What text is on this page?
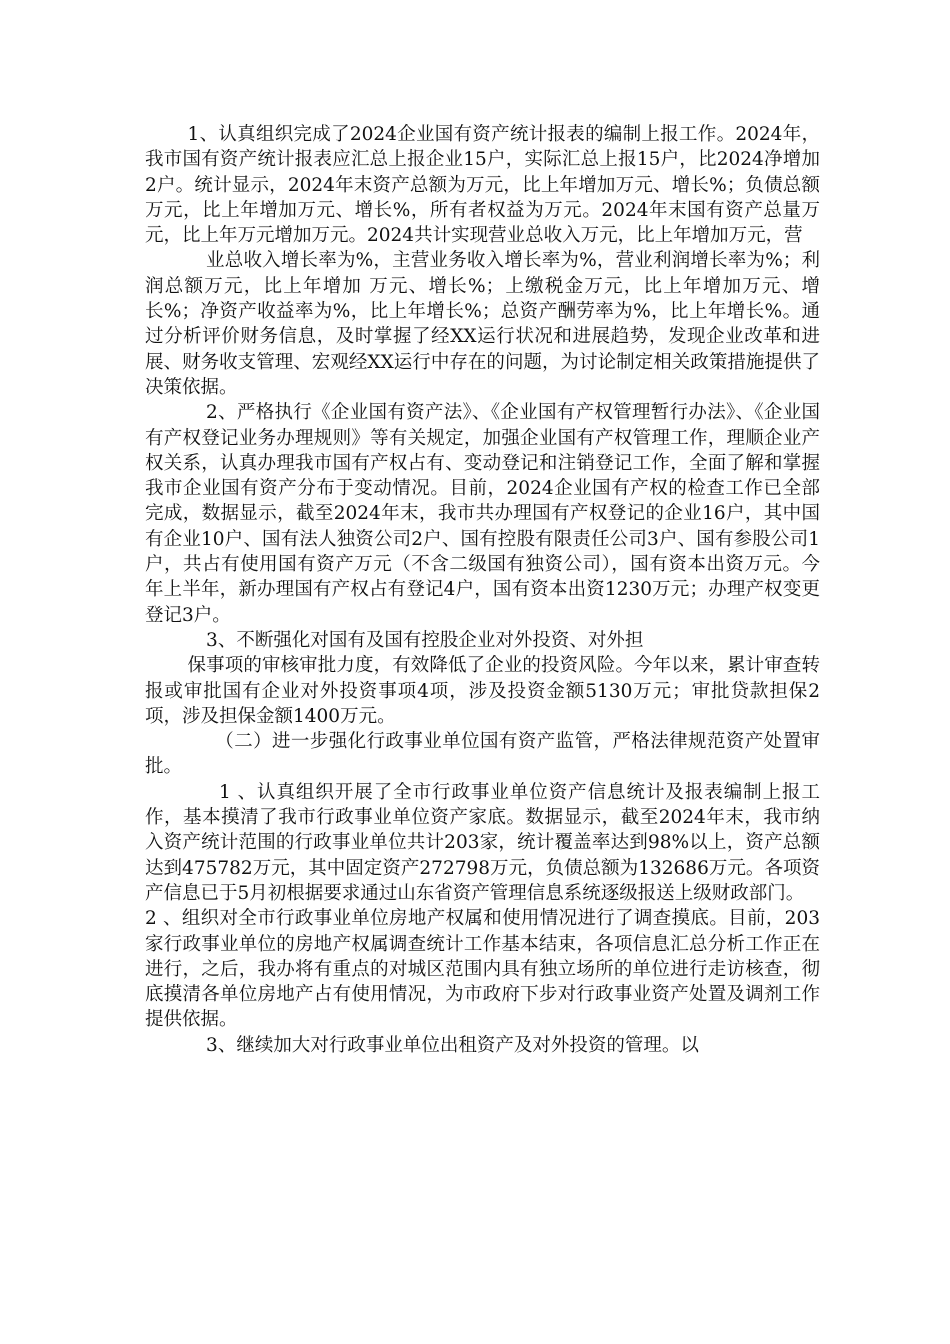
1、认真组织完成了2024企业国有资产统计报表的编制上报工作。2024年，我市国有资产统计报表应汇总上报企业15户，实际汇总上报15户，比2024净增加2户。统计显示，2024年末资产总额为万元，比上年增加万元、增长%；负债总额万元，比上年增加万元、增长%，所有者权益为万元。2024年末国有资产总量万元，比上年万元增加万元。2024共计实现营业总收入万元，比上年增加万元，营

业总收入增长率为%，主营业务收入增长率为%，营业利润增长率为%；利润总额万元，比上年增加 万元、增长%；上缴税金万元，比上年增加万元、增长%；净资产收益率为%，比上年增长%；总资产酬劳率为%，比上年增长%。通过分析评价财务信息，及时掌握了经XX运行状况和进展趋势，发现企业改革和进展、财务收支管理、宏观经XX运行中存在的问题，为讨论制定相关政策措施提供了决策依据。

2、严格执行《企业国有资产法》、《企业国有产权管理暂行办法》、《企业国有产权登记业务办理规则》等有关规定，加强企业国有产权管理工作，理顺企业产权关系，认真办理我市国有产权占有、变动登记和注销登记工作，全面了解和掌握我市企业国有资产分布于变动情况。目前，2024企业国有产权的检查工作已全部完成，数据显示，截至2024年末，我市共办理国有产权登记的企业16户，其中国有企业10户、国有法人独资公司2户、国有控股有限责任公司3户、国有参股公司1户，共占有使用国有资产万元（不含二级国有独资公司），国有资本出资万元。今年上半年，新办理国有产权占有登记4户，国有资本出资1230万元；办理产权变更登记3户。

3、不断强化对国有及国有控股企业对外投资、对外担

保事项的审核审批力度，有效降低了企业的投资风险。今年以来，累计审查转报或审批国有企业对外投资事项4项，涉及投资金额5130万元；审批贷款担保2项，涉及担保金额1400万元。

（二）进一步强化行政事业单位国有资产监管，严格法律规范资产处置审批。

1 、认真组织开展了全市行政事业单位资产信息统计及报表编制上报工作，基本摸清了我市行政事业单位资产家底。数据显示，截至2024年末，我市纳入资产统计范围的行政事业单位共计203家，统计覆盖率达到98%以上，资产总额达到475782万元，其中固定资产272798万元，负债总额为132686万元。各项资产信息已于5月初根据要求通过山东省资产管理信息系统逐级报送上级财政部门。

2 、组织对全市行政事业单位房地产权属和使用情况进行了调查摸底。目前，203家行政事业单位的房地产权属调查统计工作基本结束，各项信息汇总分析工作正在进行，之后，我办将有重点的对城区范围内具有独立场所的单位进行走访核查，彻底摸清各单位房地产占有使用情况，为市政府下步对行政事业资产处置及调剂工作提供依据。

3、继续加大对行政事业单位出租资产及对外投资的管理。以
